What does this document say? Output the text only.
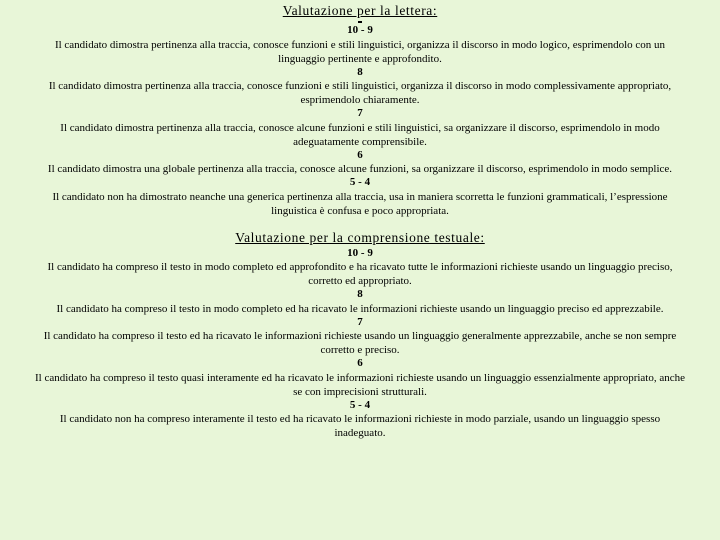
Valutazione per la lettera:
10 - 9

Il candidato dimostra pertinenza alla traccia, conosce funzioni e stili linguistici, organizza il discorso in modo logico, esprimendolo con un linguaggio pertinente e approfondito.

8

Il candidato dimostra pertinenza alla traccia, conosce funzioni e stili linguistici, organizza il discorso in modo complessivamente appropriato, esprimendolo chiaramente.

7

Il candidato dimostra pertinenza alla traccia, conosce alcune funzioni e stili linguistici, sa organizzare il discorso, esprimendolo in modo adeguatamente comprensibile.

6

Il candidato dimostra una globale pertinenza alla traccia, conosce alcune funzioni, sa organizzare il discorso, esprimendolo in modo semplice.

5 - 4

Il candidato non ha dimostrato neanche una generica pertinenza alla traccia, usa in maniera scorretta le funzioni grammaticali, l’espressione linguistica è confusa e poco appropriata.

Valutazione per la comprensione testuale:
10 - 9

Il candidato ha compreso il testo in modo completo ed approfondito e ha ricavato tutte le informazioni richieste usando un linguaggio preciso, corretto ed appropriato.

8

Il candidato ha compreso il testo in modo completo ed ha ricavato le informazioni richieste usando un linguaggio preciso ed apprezzabile.

7

Il candidato ha compreso il testo ed ha ricavato le informazioni richieste usando un linguaggio generalmente apprezzabile, anche se non sempre corretto e preciso.

6

Il candidato ha compreso il testo quasi interamente ed ha ricavato le informazioni richieste usando un linguaggio essenzialmente appropriato, anche se con imprecisioni strutturali.

5 - 4

Il candidato non ha compreso interamente il testo ed ha ricavato le informazioni richieste in modo parziale, usando un linguaggio spesso inadeguato.
